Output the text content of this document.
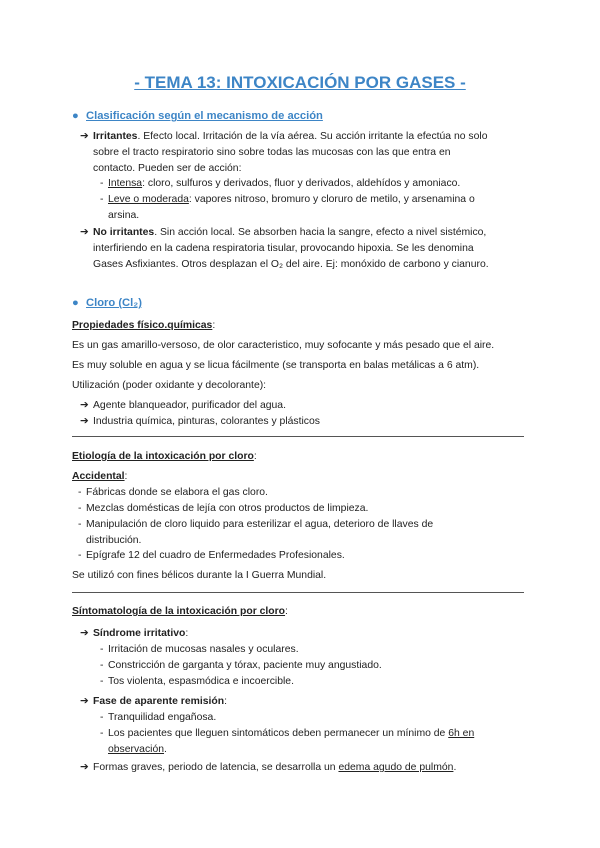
- TEMA 13: INTOXICACIÓN POR GASES -
● Clasificación según el mecanismo de acción
➔ Irritantes. Efecto local. Irritación de la vía aérea. Su acción irritante la efectúa no solo
sobre el tracto respiratorio sino sobre todas las mucosas con las que entra en
contacto. Pueden ser de acción:
- Intensa: cloro, sulfuros y derivados, fluor y derivados, aldehídos y amoniaco.
- Leve o moderada: vapores nitroso, bromuro y cloruro de metilo, y arsenamina o
arsina.
➔ No irritantes. Sin acción local. Se absorben hacia la sangre, efecto a nivel sistémico,
interfiriendo en la cadena respiratoria tisular, provocando hipoxia. Se les denomina
Gases Asfixiantes. Otros desplazan el O₂ del aire. Ej: monóxido de carbono y cianuro.
● Cloro (Cl₂)
Propiedades físico.químicas:
Es un gas amarillo-versoso, de olor caracteristico, muy sofocante y más pesado que el aire.
Es muy soluble en agua y se licua fácilmente (se transporta en balas metálicas a 6 atm).
Utilización (poder oxidante y decolorante):
➔ Agente blanqueador, purificador del agua.
➔ Industria química, pinturas, colorantes y plásticos
Etiología de la intoxicación por cloro:
Accidental:
- Fábricas donde se elabora el gas cloro.
- Mezclas domésticas de lejía con otros productos de limpieza.
- Manipulación de cloro liquido para esterilizar el agua, deterioro de llaves de
distribución.
- Epígrafe 12 del cuadro de Enfermedades Profesionales.
Se utilizó con fines bélicos durante la I Guerra Mundial.
Síntomatología de la intoxicación por cloro:
➔ Síndrome irritativo:
- Irritación de mucosas nasales y oculares.
- Constricción de garganta y tórax, paciente muy angustiado.
- Tos violenta, espasmódica e incoercible.
➔ Fase de aparente remisión:
- Tranquilidad engañosa.
- Los pacientes que lleguen sintomáticos deben permanecer un mínimo de 6h en
observación.
➔ Formas graves, periodo de latencia, se desarrolla un edema agudo de pulmón.
